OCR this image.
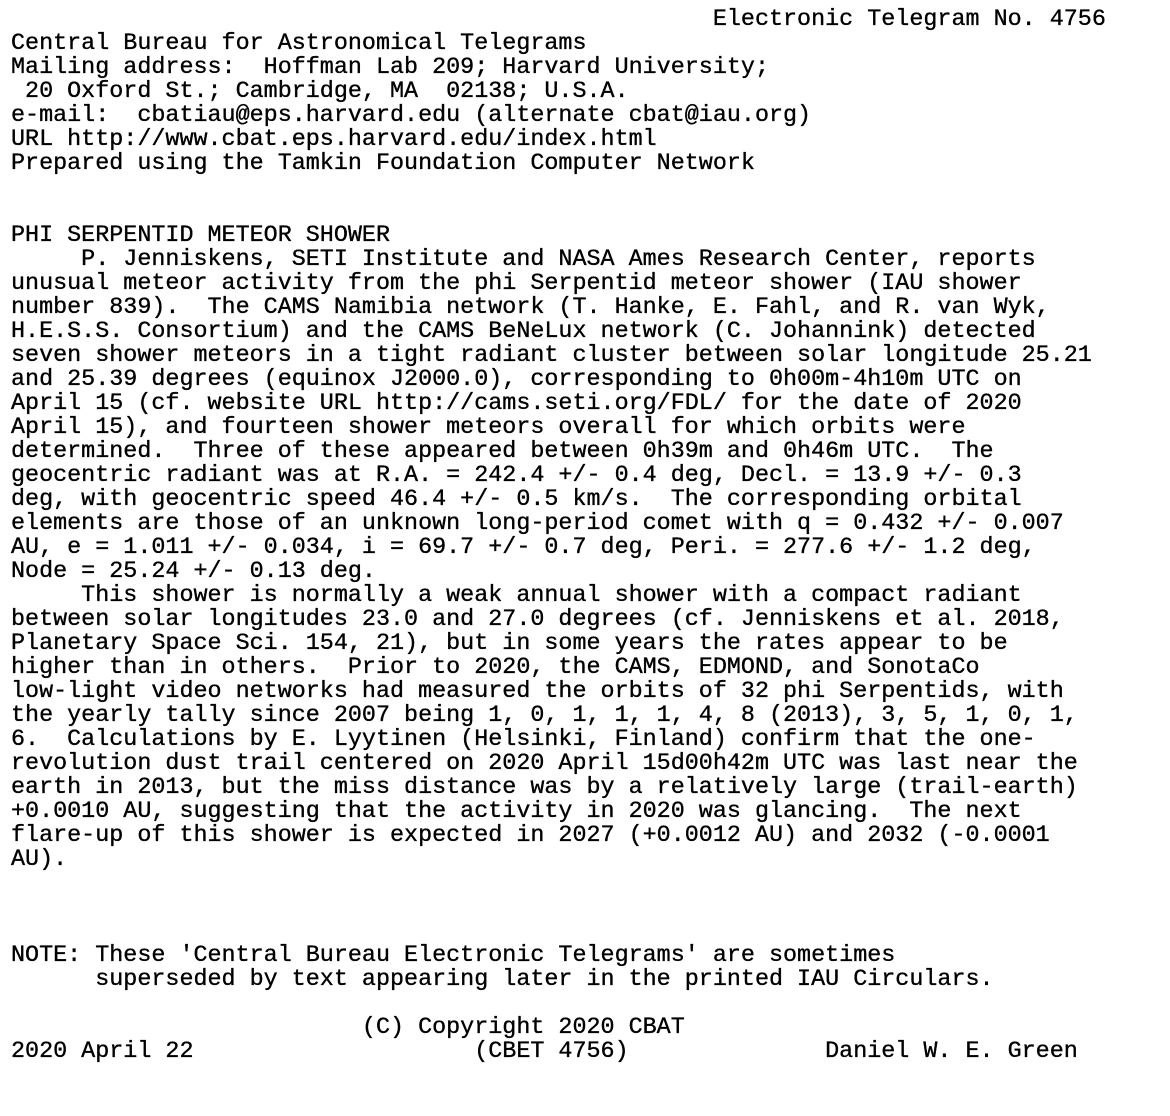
Electronic Telegram No. 4756
Central Bureau for Astronomical Telegrams
Mailing address:  Hoffman Lab 209; Harvard University;
20 Oxford St.; Cambridge, MA  02138; U.S.A.
e-mail:  cbatiau@eps.harvard.edu (alternate cbat@iau.org)
URL http://www.cbat.eps.harvard.edu/index.html
Prepared using the Tamkin Foundation Computer Network
PHI SERPENTID METEOR SHOWER
P. Jenniskens, SETI Institute and NASA Ames Research Center, reports
unusual meteor activity from the phi Serpentid meteor shower (IAU shower
number 839).  The CAMS Namibia network (T. Hanke, E. Fahl, and R. van Wyk,
H.E.S.S. Consortium) and the CAMS BeNeLux network (C. Johannink) detected
seven shower meteors in a tight radiant cluster between solar longitude 25.21
and 25.39 degrees (equinox J2000.0), corresponding to 0h00m-4h10m UTC on
April 15 (cf. website URL http://cams.seti.org/FDL/ for the date of 2020
April 15), and fourteen shower meteors overall for which orbits were
determined.  Three of these appeared between 0h39m and 0h46m UTC.  The
geocentric radiant was at R.A. = 242.4 +/- 0.4 deg, Decl. = 13.9 +/- 0.3
deg, with geocentric speed 46.4 +/- 0.5 km/s.  The corresponding orbital
elements are those of an unknown long-period comet with q = 0.432 +/- 0.007
AU, e = 1.011 +/- 0.034, i = 69.7 +/- 0.7 deg, Peri. = 277.6 +/- 1.2 deg,
Node = 25.24 +/- 0.13 deg.
This shower is normally a weak annual shower with a compact radiant
between solar longitudes 23.0 and 27.0 degrees (cf. Jenniskens et al. 2018,
Planetary Space Sci. 154, 21), but in some years the rates appear to be
higher than in others.  Prior to 2020, the CAMS, EDMOND, and SonotaCo
low-light video networks had measured the orbits of 32 phi Serpentids, with
the yearly tally since 2007 being 1, 0, 1, 1, 1, 4, 8 (2013), 3, 5, 1, 0, 1,
6.  Calculations by E. Lyytinen (Helsinki, Finland) confirm that the one-
revolution dust trail centered on 2020 April 15d00h42m UTC was last near the
earth in 2013, but the miss distance was by a relatively large (trail-earth)
+0.0010 AU, suggesting that the activity in 2020 was glancing.  The next
flare-up of this shower is expected in 2027 (+0.0012 AU) and 2032 (-0.0001
AU).
NOTE: These 'Central Bureau Electronic Telegrams' are sometimes
superseded by text appearing later in the printed IAU Circulars.
(C) Copyright 2020 CBAT
2020 April 22                    (CBET 4756)              Daniel W. E. Green
